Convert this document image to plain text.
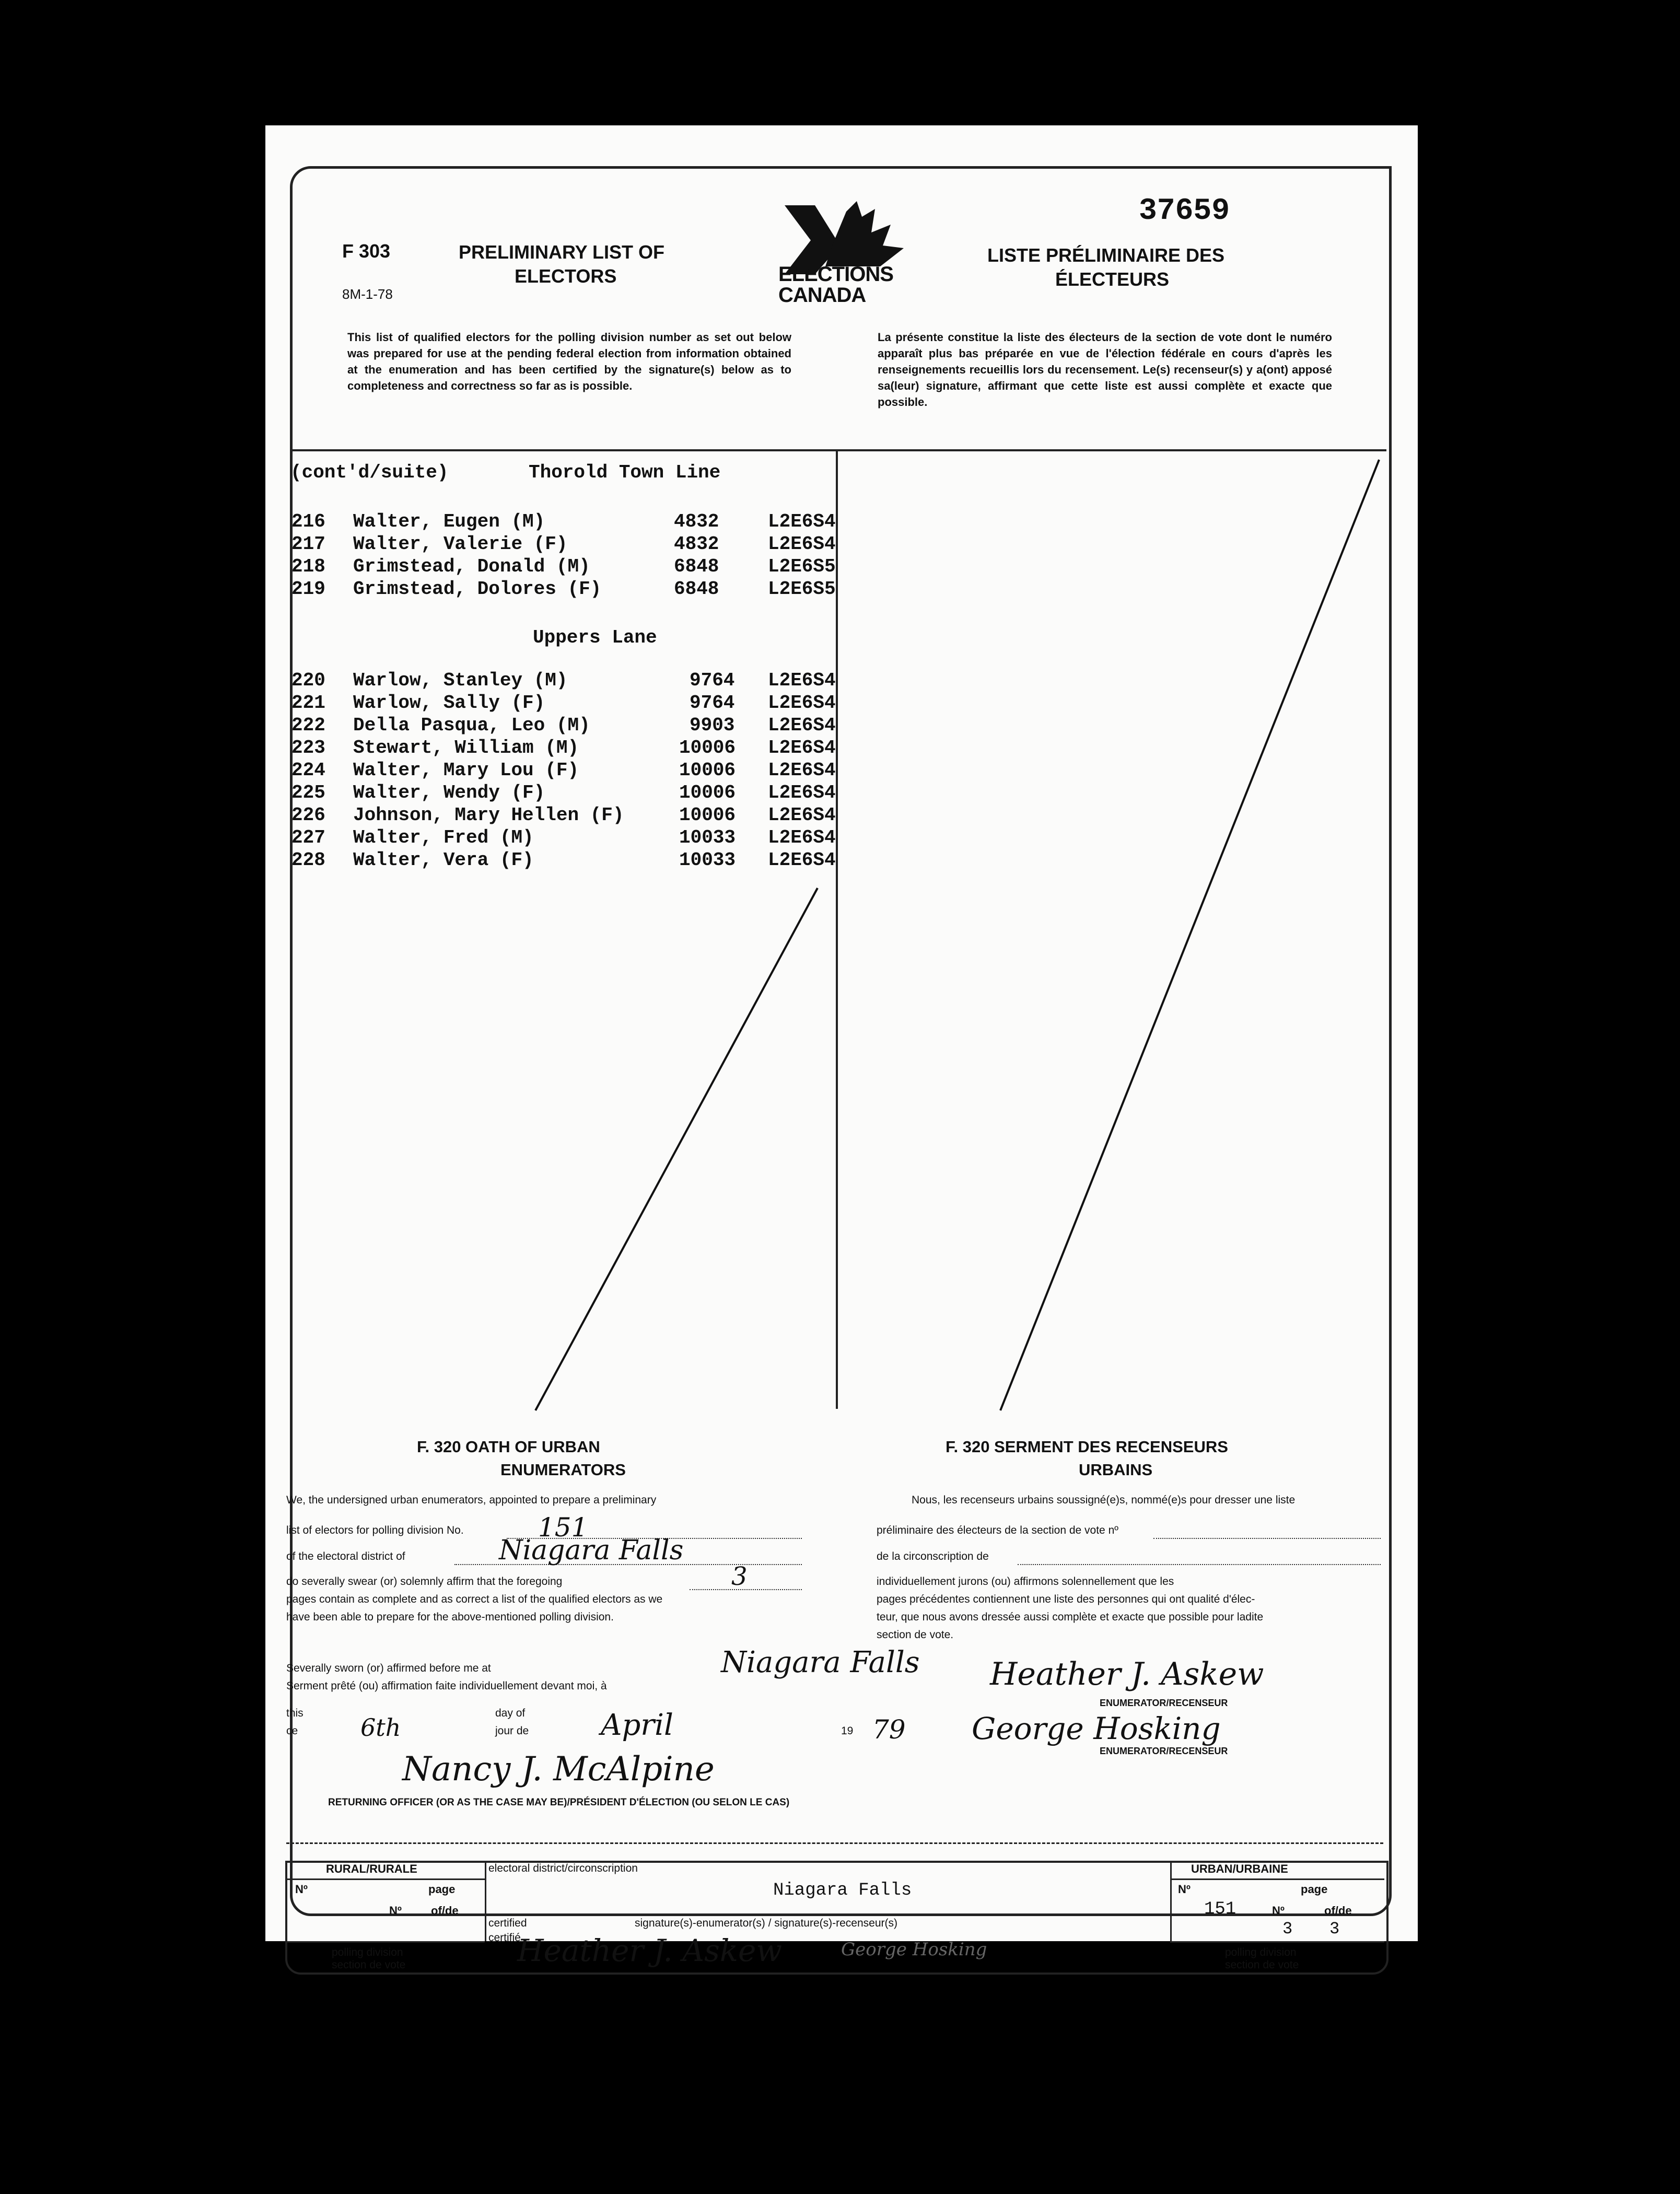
37659
F 303
8M-1-78
PRELIMINARY LIST OF
ELECTORS	ELECTIONS
CANADA
LISTE PRÉLIMINAIRE DES
ÉLECTEURS
This list of qualified electors for the polling division number as set out below was prepared for use at the pending federal election from information obtained at the enumeration and has been certified by the signature(s) below as to completeness and correctness so far as is possible.
La présente constitue la liste des électeurs de la section de vote dont le numéro apparaît plus bas préparée en vue de l'élection fédérale en cours d'après les renseignements recueillis lors du recensement. Le(s) recenseur(s) y a(ont) apposé sa(leur) signature, affirmant que cette liste est aussi complète et exacte que possible.
(cont'd/suite)	Thorold Town Line
216 Walter, Eugen (M)	4832	L2E6S4
217 Walter, Valerie (F)	4832	L2E6S4
218 Grimstead, Donald (M)	6848	L2E6S5
219 Grimstead, Dolores (F)	6848	L2E6S5
Uppers Lane
220 Warlow, Stanley (M)	9764 L2E6S4
221 Warlow, Sally (F)	9764 L2E6S4
222 Della Pasqua, Leo (M)	9903 L2E6S4
223 Stewart, William (M)	10006 L2E6S4
224 Walter, Mary Lou (F)	10006 L2E6S4
225 Walter, Wendy (F)	10006 L2E6S4
226 Johnson, Mary Hellen (F)	10006 L2E6S4
227 Walter, Fred (M)	10033 L2E6S4
228 Walter, Vera (F)	10033 L2E6S4
F. 320 OATH OF URBAN
ENUMERATORS
We, the undersigned urban enumerators, appointed to prepare a preliminary
list of electors for polling division No.	151
of the electoral district of	Niagara Falls
do severally swear (or) solemnly affirm that the foregoing	3
pages contain as complete and as correct a list of the qualified electors as we
have been able to prepare for the above-mentioned polling division.
F. 320 SERMENT DES RECENSEURS
URBAINS
Nous, les recenseurs urbains soussigné(e)s, nommé(e)s pour dresser une liste
préliminaire des électeurs de la section de vote nº
de la circonscription de
individuellement jurons (ou) affirmons solennellement que les
pages précédentes contiennent une liste des personnes qui ont qualité d'élec-
teur, que nous avons dressée aussi complète et exacte que possible pour ladite
section de vote.
Severally sworn (or) affirmed before me at
Serment prêté (ou) affirmation faite individuellement devant moi, à
Niagara Falls
this
ce	6th
day of
jour de April	19 79
Nancy J. McAlpine
RETURNING OFFICER (OR AS THE CASE MAY BE)/PRÉSIDENT D'ÉLECTION (OU SELON LE CAS)
Heather J. Askew
ENUMERATOR/RECENSEUR
George Hosking
ENUMERATOR/RECENSEUR
RURAL/RURALE	electoral district/circonscription	URBAN/URBAINE
Nº	page
Nº	of/de
Niagara Falls	Nº	page
151	Nº	of/de
3 3
certified
certifié
signature(s)-enumerator(s) / signature(s)-recenseur(s)
Heather J. Askew	George Hosking
polling division
section de vote
polling division
section de vote
